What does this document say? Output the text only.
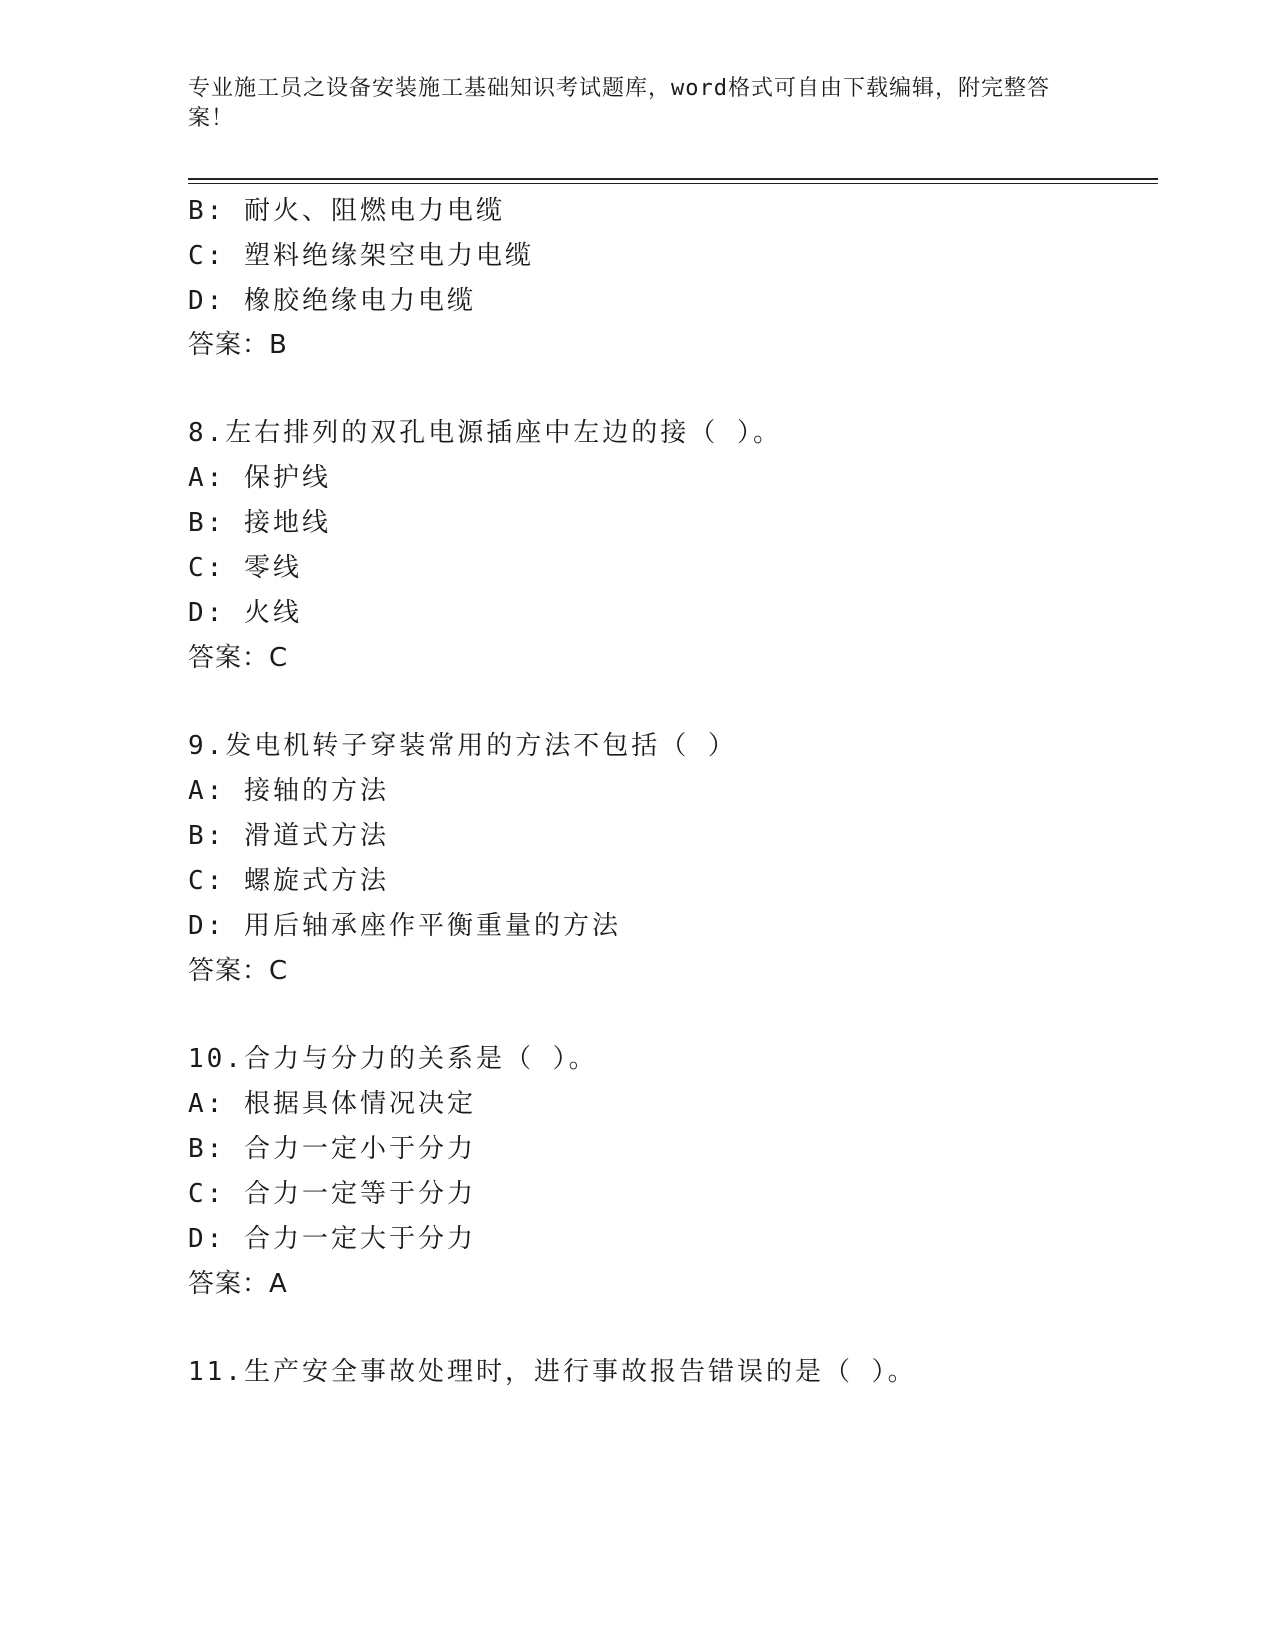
专业施工员之设备安装施工基础知识考试题库，word格式可自由下载编辑，附完整答案！
B: 耐火、阻燃电力电缆
C: 塑料绝缘架空电力电缆
D: 橡胶绝缘电力电缆
答案：B
8.左右排列的双孔电源插座中左边的接（ ）。
A: 保护线
B: 接地线
C: 零线
D: 火线
答案：C
9.发电机转子穿装常用的方法不包括（ ）
A: 接轴的方法
B: 滑道式方法
C: 螺旋式方法
D: 用后轴承座作平衡重量的方法
答案：C
10.合力与分力的关系是（ ）。
A: 根据具体情况决定
B: 合力一定小于分力
C: 合力一定等于分力
D: 合力一定大于分力
答案：A
11.生产安全事故处理时，进行事故报告错误的是（ ）。
